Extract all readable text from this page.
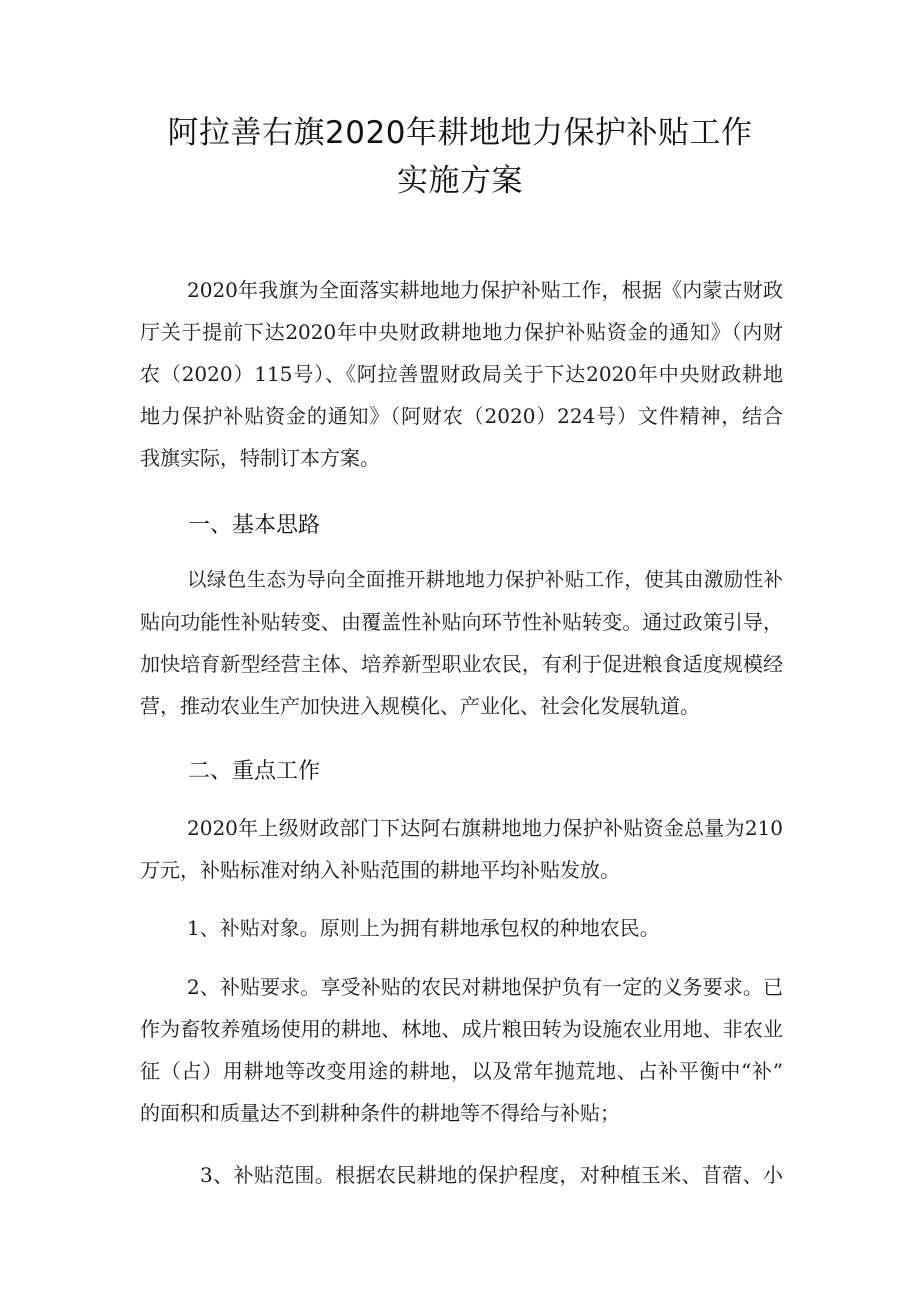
阿拉善右旗2020年耕地地力保护补贴工作
实施方案
2020年我旗为全面落实耕地地力保护补贴工作，根据《内蒙古财政
厅关于提前下达2020年中央财政耕地地力保护补贴资金的通知》（内财
农（2020）115号）、《阿拉善盟财政局关于下达2020年中央财政耕地
地力保护补贴资金的通知》（阿财农（2020）224号）文件精神，结合
我旗实际，特制订本方案。
一、基本思路
以绿色生态为导向全面推开耕地地力保护补贴工作，使其由激励性补
贴向功能性补贴转变、由覆盖性补贴向环节性补贴转变。通过政策引导，
加快培育新型经营主体、培养新型职业农民，有利于促进粮食适度规模经
营，推动农业生产加快进入规模化、产业化、社会化发展轨道。
二、重点工作
2020年上级财政部门下达阿右旗耕地地力保护补贴资金总量为210
万元，补贴标准对纳入补贴范围的耕地平均补贴发放。
1、补贴对象。原则上为拥有耕地承包权的种地农民。
2、补贴要求。享受补贴的农民对耕地保护负有一定的义务要求。已
作为畜牧养殖场使用的耕地、林地、成片粮田转为设施农业用地、非农业
征（占）用耕地等改变用途的耕地，以及常年抛荒地、占补平衡中“补”
的面积和质量达不到耕种条件的耕地等不得给与补贴；
3、补贴范围。根据农民耕地的保护程度，对种植玉米、苜蓿、小
